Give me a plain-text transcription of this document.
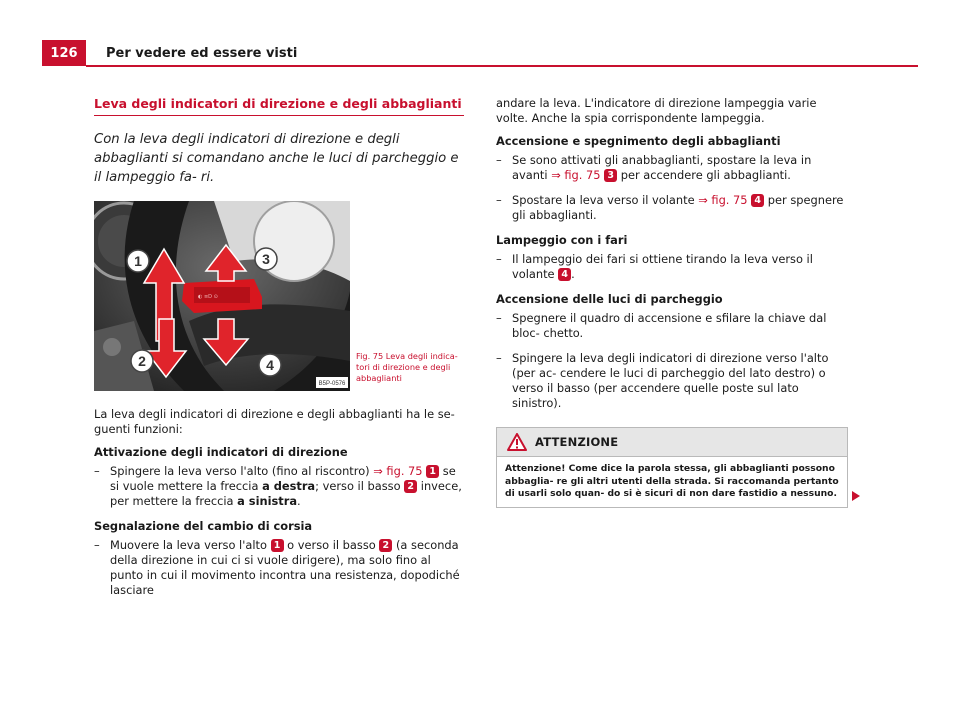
126	Per vedere ed essere visti
Leva degli indicatori di direzione e degli abbaglianti

Con la leva degli indicatori di direzione e degli abbaglianti si comandano anche le luci di parcheggio e il lampeggio fa- ri.

◐ ≡D ⊙
1
2
3
4
B5P-0576
Fig. 75 Leva degli indica- tori di direzione e degli abbaglianti

La leva degli indicatori di direzione e degli abbaglianti ha le se- guenti funzioni:

Attivazione degli indicatori di direzione
– Spingere la leva verso l'alto (fino al riscontro) ⇒ fig. 75 1 se si vuole mettere la freccia a destra; verso il basso 2 invece, per mettere la freccia a sinistra.
Segnalazione del cambio di corsia
– Muovere la leva verso l'alto 1 o verso il basso 2 (a seconda della direzione in cui ci si vuole dirigere), ma solo fino al punto in cui il movimento incontra una resistenza, dopodiché lasciare

andare la leva. L'indicatore di direzione lampeggia varie volte. Anche la spia corrispondente lampeggia.

Accensione e spegnimento degli abbaglianti
– Se sono attivati gli anabbaglianti, spostare la leva in avanti ⇒ fig. 75 3 per accendere gli abbaglianti.
– Spostare la leva verso il volante ⇒ fig. 75 4 per spegnere gli abbaglianti.
Lampeggio con i fari
– Il lampeggio dei fari si ottiene tirando la leva verso il volante 4 .
Accensione delle luci di parcheggio
– Spegnere il quadro di accensione e sfilare la chiave dal bloc- chetto.
– Spingere la leva degli indicatori di direzione verso l'alto (per ac- cendere le luci di parcheggio del lato destro) o verso il basso (per accendere quelle poste sul lato sinistro).
ATTENZIONE
Attenzione! Come dice la parola stessa, gli abbaglianti possono abbaglia- re gli altri utenti della strada. Si raccomanda pertanto di usarli solo quan- do si è sicuri di non dare fastidio a nessuno.
